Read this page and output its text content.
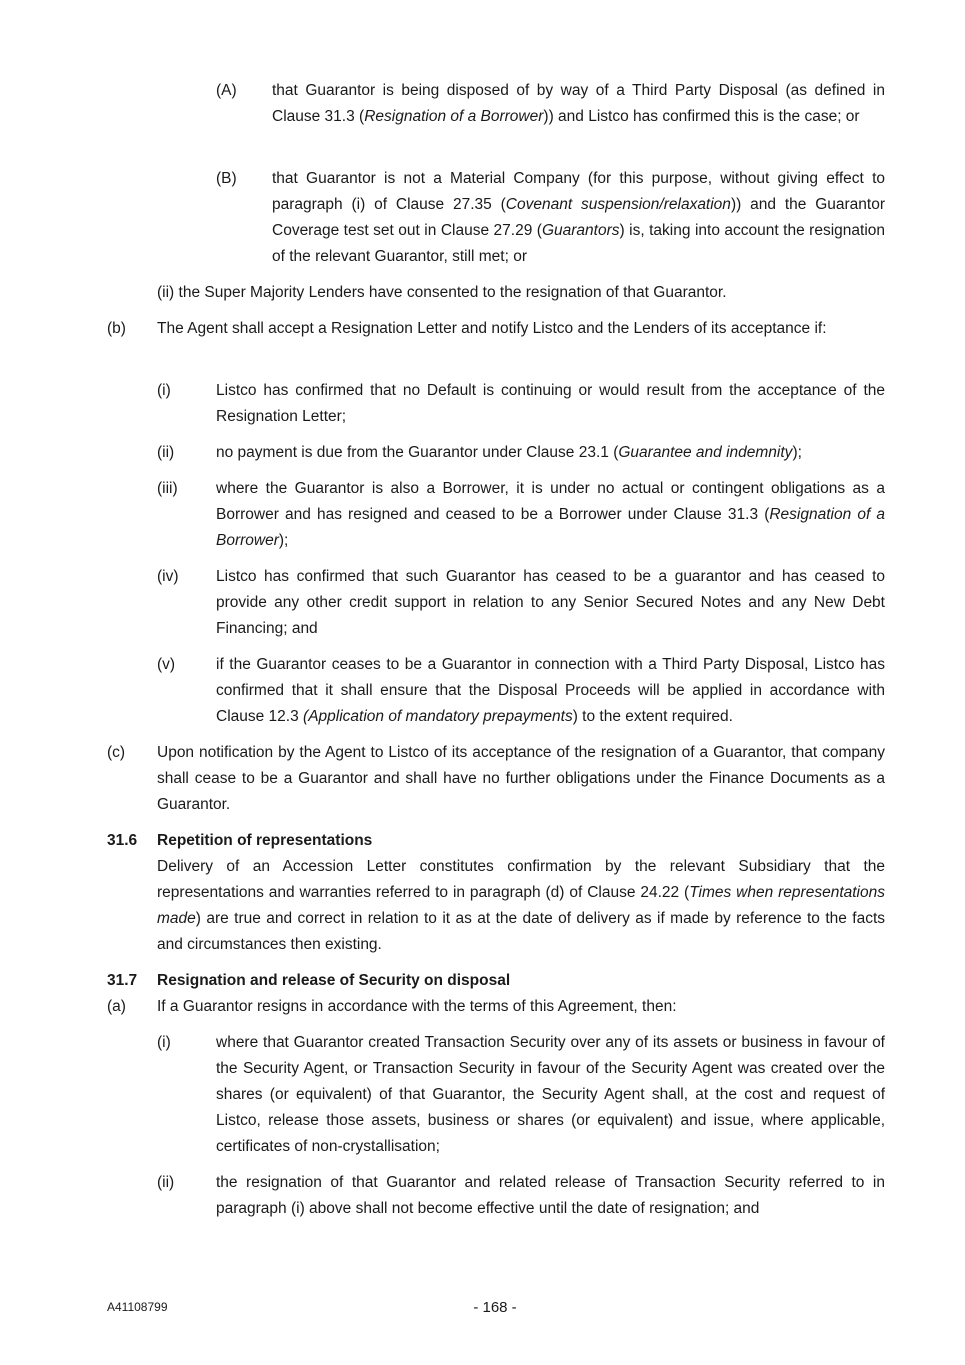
(A) that Guarantor is being disposed of by way of a Third Party Disposal (as defined in Clause 31.3 (Resignation of a Borrower)) and Listco has confirmed this is the case; or
(B) that Guarantor is not a Material Company (for this purpose, without giving effect to paragraph (i) of Clause 27.35 (Covenant suspension/relaxation)) and the Guarantor Coverage test set out in Clause 27.29 (Guarantors) is, taking into account the resignation of the relevant Guarantor, still met; or
(ii) the Super Majority Lenders have consented to the resignation of that Guarantor.
(b) The Agent shall accept a Resignation Letter and notify Listco and the Lenders of its acceptance if:
(i)	Listco has confirmed that no Default is continuing or would result from the acceptance of the Resignation Letter;
(ii)	no payment is due from the Guarantor under Clause 23.1 (Guarantee and indemnity);
(iii) where the Guarantor is also a Borrower, it is under no actual or contingent obligations as a Borrower and has resigned and ceased to be a Borrower under Clause 31.3 (Resignation of a Borrower);
(iv) Listco has confirmed that such Guarantor has ceased to be a guarantor and has ceased to provide any other credit support in relation to any Senior Secured Notes and any New Debt Financing; and
(v)	if the Guarantor ceases to be a Guarantor in connection with a Third Party Disposal, Listco has confirmed that it shall ensure that the Disposal Proceeds will be applied in accordance with Clause 12.3 (Application of mandatory prepayments) to the extent required.
(c) Upon notification by the Agent to Listco of its acceptance of the resignation of a Guarantor, that company shall cease to be a Guarantor and shall have no further obligations under the Finance Documents as a Guarantor.
31.6 Repetition of representations
Delivery of an Accession Letter constitutes confirmation by the relevant Subsidiary that the representations and warranties referred to in paragraph (d) of Clause 24.22 (Times when representations made) are true and correct in relation to it as at the date of delivery as if made by reference to the facts and circumstances then existing.
31.7 Resignation and release of Security on disposal
(a) If a Guarantor resigns in accordance with the terms of this Agreement, then:
(i)	where that Guarantor created Transaction Security over any of its assets or business in favour of the Security Agent, or Transaction Security in favour of the Security Agent was created over the shares (or equivalent) of that Guarantor, the Security Agent shall, at the cost and request of Listco, release those assets, business or shares (or equivalent) and issue, where applicable, certificates of non-crystallisation;
(ii)	the resignation of that Guarantor and related release of Transaction Security referred to in paragraph (i) above shall not become effective until the date of resignation; and
A41108799	- 168 -
